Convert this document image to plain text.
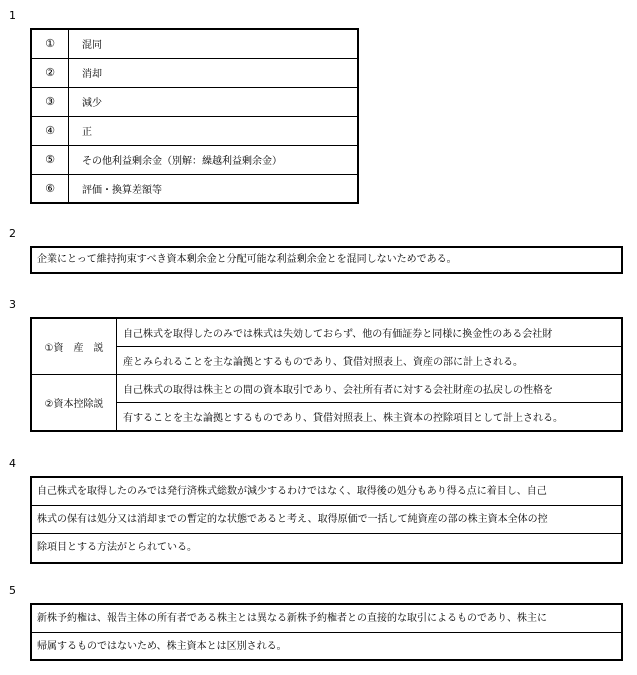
1
①	混同
②	消却
③	減少
④	正
⑤	その他利益剰余金（別解：繰越利益剰余金）
⑥	評価・換算差額等
2
企業にとって維持拘束すべき資本剰余金と分配可能な利益剰余金とを混同しないためである。
3
①資　産　説	自己株式を取得したのみでは株式は失効しておらず、他の有価証券と同様に換金性のある会社財
	産とみられることを主な論拠とするものであり、貸借対照表上、資産の部に計上される。
②資本控除説	自己株式の取得は株主との間の資本取引であり、会社所有者に対する会社財産の払戻しの性格を
	有することを主な論拠とするものであり、貸借対照表上、株主資本の控除項目として計上される。
4
自己株式を取得したのみでは発行済株式総数が減少するわけではなく、取得後の処分もあり得る点に着目し、自己
株式の保有は処分又は消却までの暫定的な状態であると考え、取得原価で一括して純資産の部の株主資本全体の控
除項目とする方法がとられている。
5
新株予約権は、報告主体の所有者である株主とは異なる新株予約権者との直接的な取引によるものであり、株主に
帰属するものではないため、株主資本とは区別される。
